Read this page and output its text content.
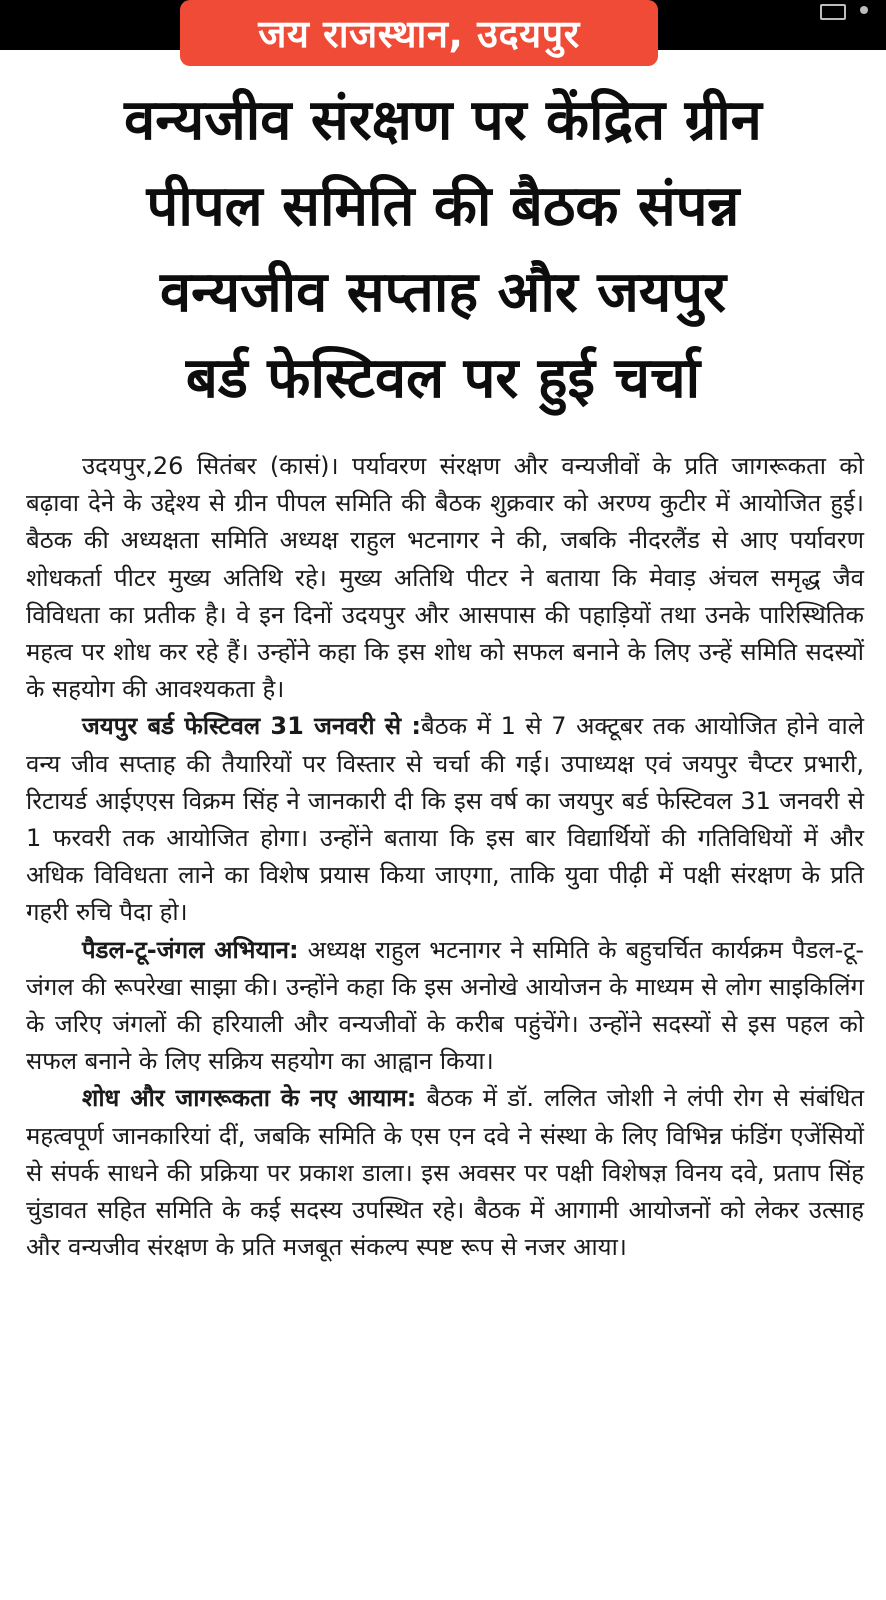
जय राजस्थान, उदयपुर
वन्यजीव संरक्षण पर केंद्रित ग्रीन
पीपल समिति की बैठक संपन्न
वन्यजीव सप्ताह और जयपुर
बर्ड फेस्टिवल पर हुई चर्चा

उदयपुर,26 सितंबर (कासं)। पर्यावरण संरक्षण और वन्यजीवों के प्रति जागरूकता को बढ़ावा देने के उद्देश्य से ग्रीन पीपल समिति की बैठक शुक्रवार को अरण्य कुटीर में आयोजित हुई। बैठक की अध्यक्षता समिति अध्यक्ष राहुल भटनागर ने की, जबकि नीदरलैंड से आए पर्यावरण शोधकर्ता पीटर मुख्य अतिथि रहे। मुख्य अतिथि पीटर ने बताया कि मेवाड़ अंचल समृद्ध जैव विविधता का प्रतीक है। वे इन दिनों उदयपुर और आसपास की पहाड़ियों तथा उनके पारिस्थितिक महत्व पर शोध कर रहे हैं। उन्होंने कहा कि इस शोध को सफल बनाने के लिए उन्हें समिति सदस्यों के सहयोग की आवश्यकता है।

जयपुर बर्ड फेस्टिवल 31 जनवरी से :बैठक में 1 से 7 अक्टूबर तक आयोजित होने वाले वन्य जीव सप्ताह की तैयारियों पर विस्तार से चर्चा की गई। उपाध्यक्ष एवं जयपुर चैप्टर प्रभारी, रिटायर्ड आईएएस विक्रम सिंह ने जानकारी दी कि इस वर्ष का जयपुर बर्ड फेस्टिवल 31 जनवरी से 1 फरवरी तक आयोजित होगा। उन्होंने बताया कि इस बार विद्यार्थियों की गतिविधियों में और अधिक विविधता लाने का विशेष प्रयास किया जाएगा, ताकि युवा पीढ़ी में पक्षी संरक्षण के प्रति गहरी रुचि पैदा हो।

पैडल-टू-जंगल अभियान: अध्यक्ष राहुल भटनागर ने समिति के बहुचर्चित कार्यक्रम पैडल-टू-जंगल की रूपरेखा साझा की। उन्होंने कहा कि इस अनोखे आयोजन के माध्यम से लोग साइकिलिंग के जरिए जंगलों की हरियाली और वन्यजीवों के करीब पहुंचेंगे। उन्होंने सदस्यों से इस पहल को सफल बनाने के लिए सक्रिय सहयोग का आह्वान किया।

शोध और जागरूकता के नए आयाम: बैठक में डॉ. ललित जोशी ने लंपी रोग से संबंधित महत्वपूर्ण जानकारियां दीं, जबकि समिति के एस एन दवे ने संस्था के लिए विभिन्न फंडिंग एजेंसियों से संपर्क साधने की प्रक्रिया पर प्रकाश डाला। इस अवसर पर पक्षी विशेषज्ञ विनय दवे, प्रताप सिंह चुंडावत सहित समिति के कई सदस्य उपस्थित रहे। बैठक में आगामी आयोजनों को लेकर उत्साह और वन्यजीव संरक्षण के प्रति मजबूत संकल्प स्पष्ट रूप से नजर आया।
